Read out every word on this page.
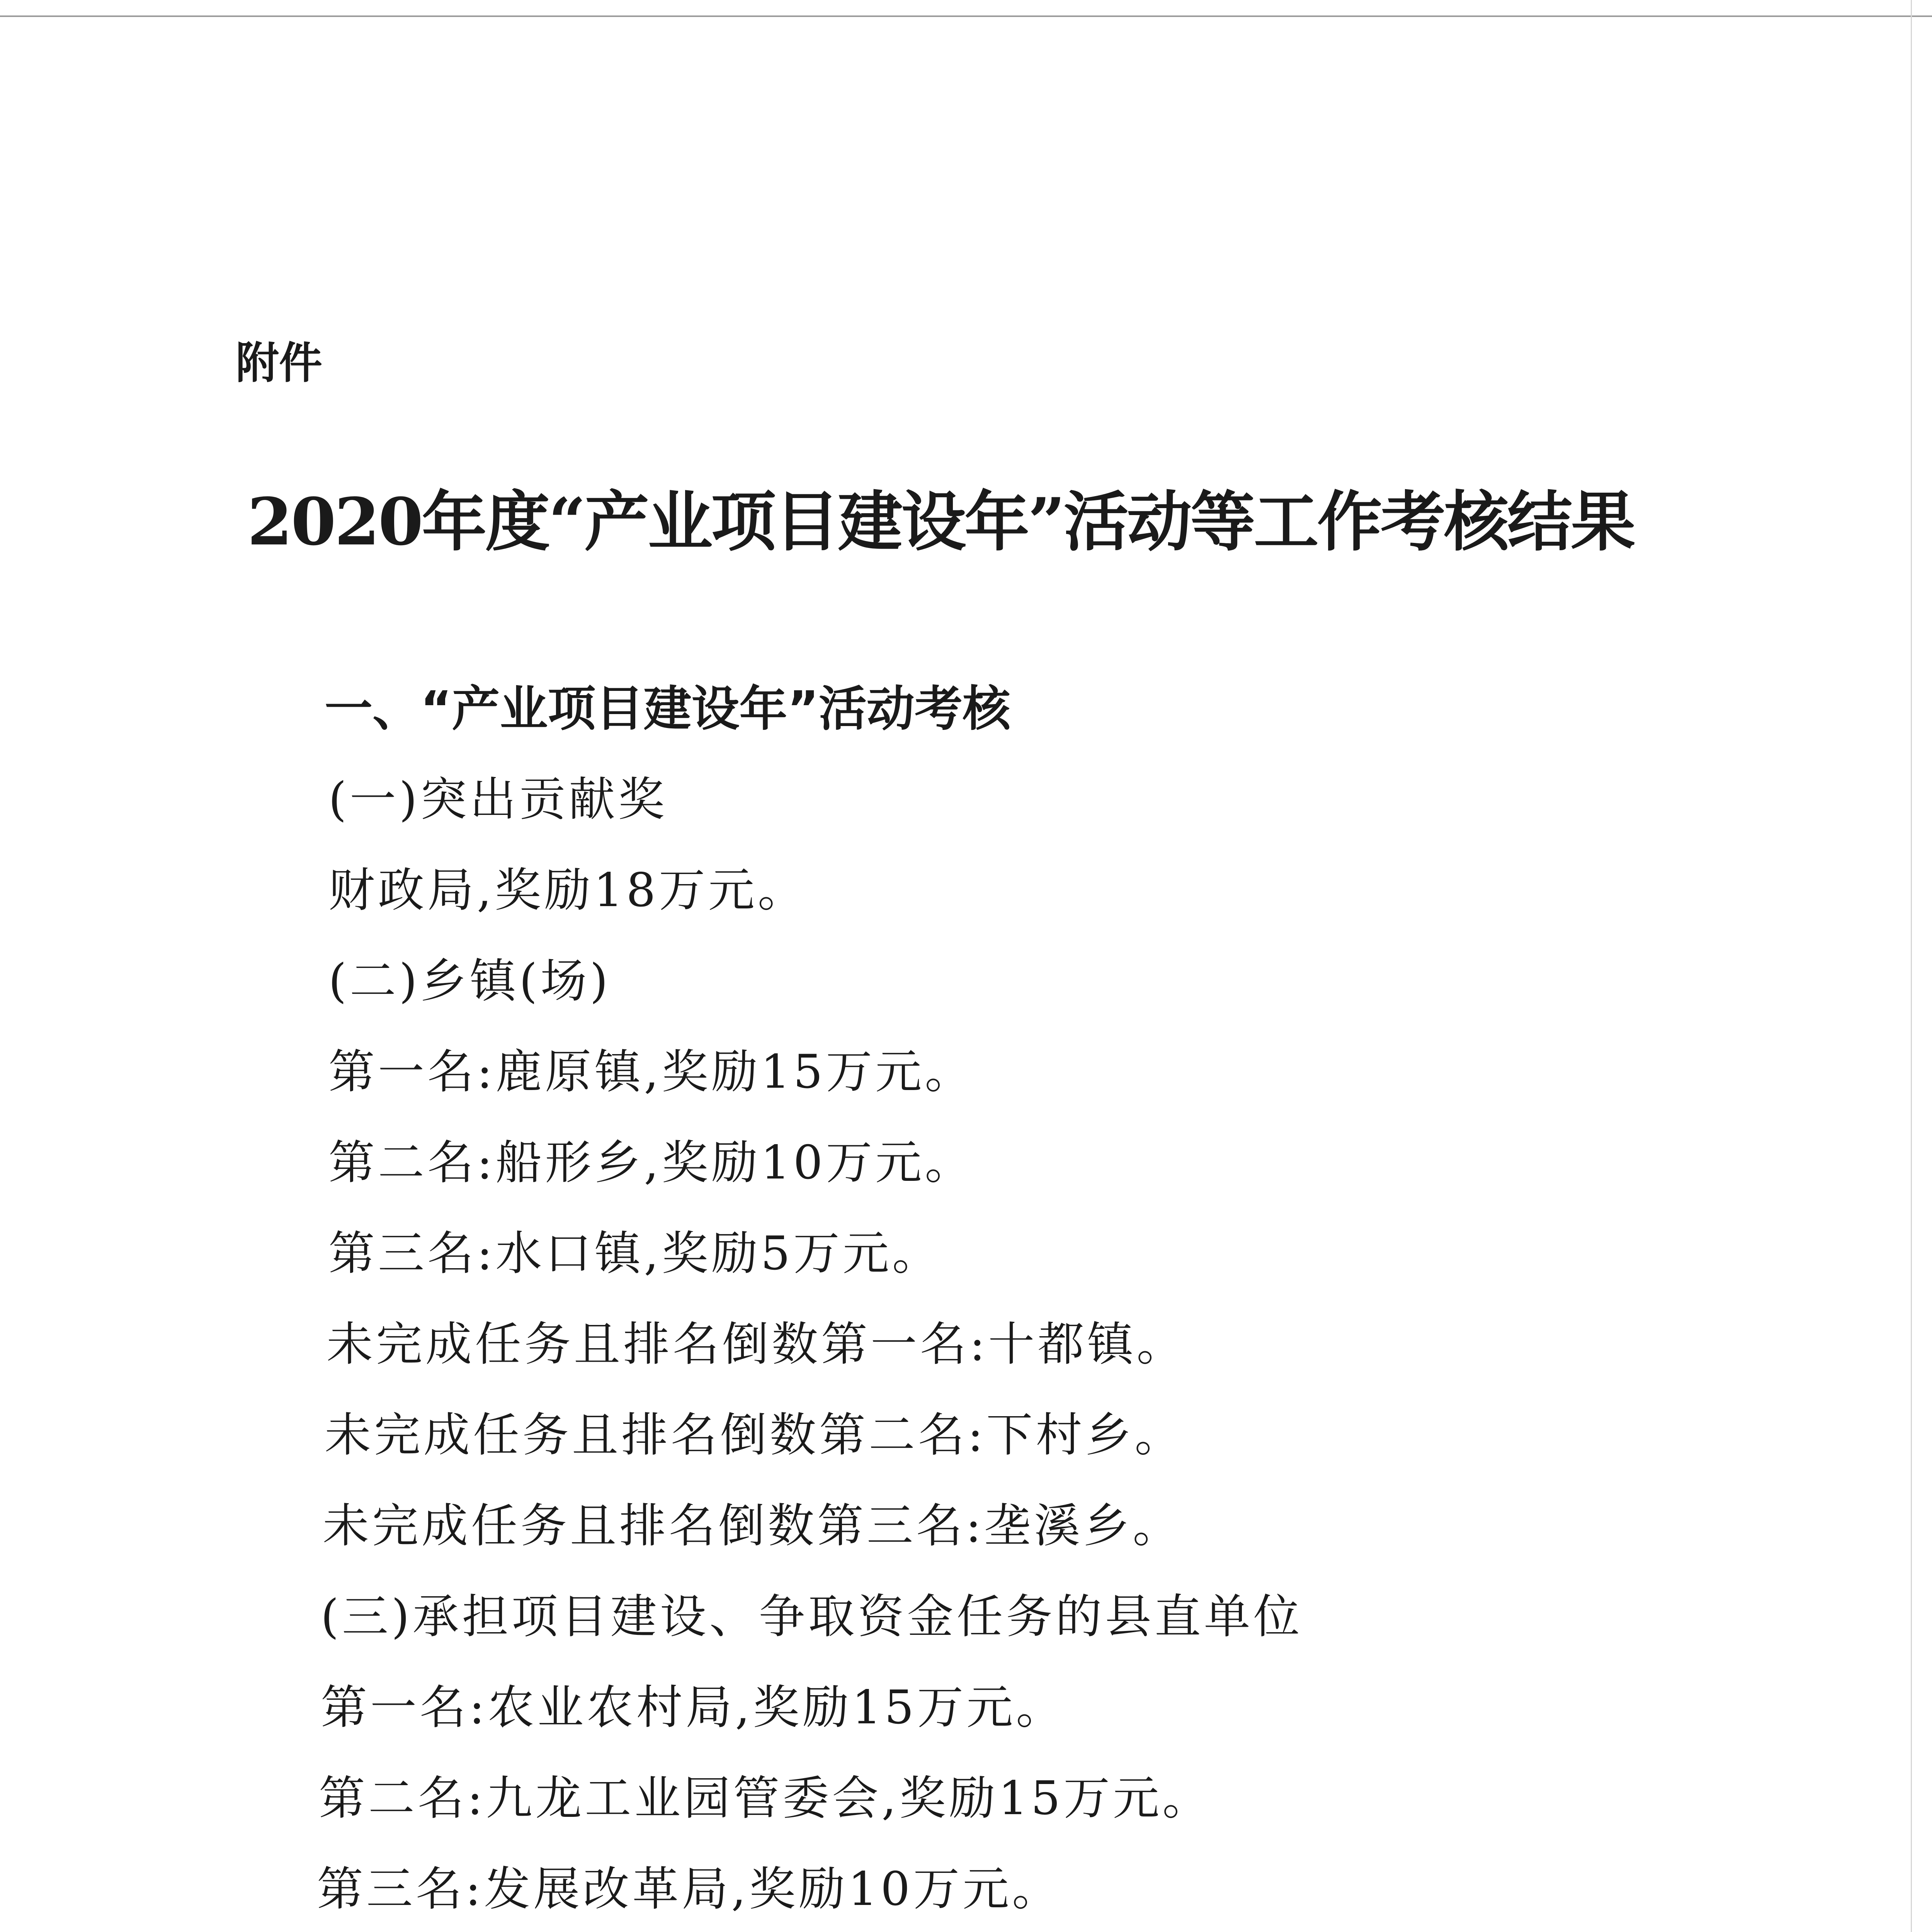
附件
2020年度“产业项目建设年”活动等工作考核结果
一、“产业项目建设年”活动考核
(一)突出贡献奖
财政局,奖励18万元。
(二)乡镇(场)
第一名:鹿原镇,奖励15万元。
第二名:船形乡,奖励10万元。
第三名:水口镇,奖励5万元。
未完成任务且排名倒数第一名:十都镇。
未完成任务且排名倒数第二名:下村乡。
未完成任务且排名倒数第三名:垄溪乡。
(三)承担项目建设、争取资金任务的县直单位
第一名:农业农村局,奖励15万元。
第二名:九龙工业园管委会,奖励15万元。
第三名:发展改革局,奖励10万元。
